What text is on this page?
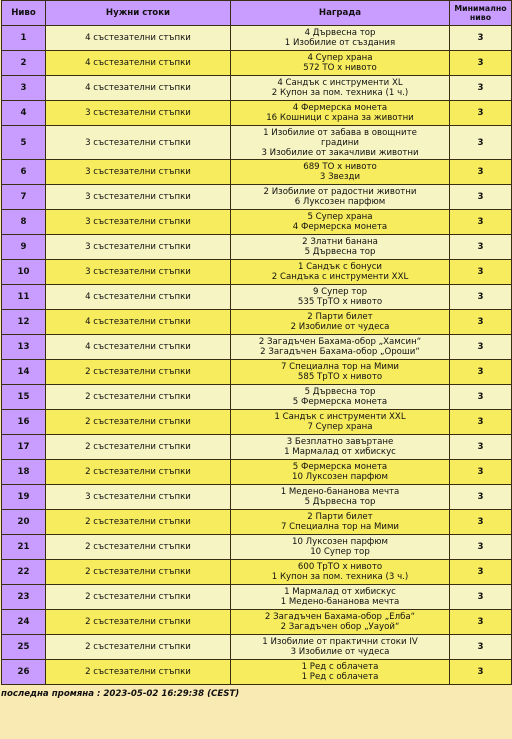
Ниво	Нужни стоки	Награда	Минимално ниво
1	4 състезателни стъпки	4 Дървесна тор
1 Изобилие от създания	3
2	4 състезателни стъпки	4 Супер храна
572 ТО х нивото	3
3	4 състезателни стъпки	4 Сандък с инструменти XL
2 Купон за пом. техника (1 ч.)	3
4	3 състезателни стъпки	4 Фермерска монета
16 Кошници с храна за животни	3
5	3 състезателни стъпки	1 Изобилие от забава в овощните
градини
3 Изобилие от закачливи животни	3
6	3 състезателни стъпки	689 ТО х нивото
3 Звезди	3
7	3 състезателни стъпки	2 Изобилие от радостни животни
6 Луксозен парфюм	3
8	3 състезателни стъпки	5 Супер храна
4 Фермерска монета	3
9	3 състезателни стъпки	2 Златни банана
5 Дървесна тор	3
10	3 състезателни стъпки	1 Сандък с бонуси
2 Сандъка с инструменти XXL	3
11	4 състезателни стъпки	9 Супер тор
535 ТрТО х нивото	3
12	4 състезателни стъпки	2 Парти билет
2 Изобилие от чудеса	3
13	4 състезателни стъпки	2 Загадъчен Бахама-обор „Хамсин“
2 Загадъчен Бахама-обор „Ороши“	3
14	2 състезателни стъпки	7 Специална тор на Мими
585 ТрТО х нивото	3
15	2 състезателни стъпки	5 Дървесна тор
5 Фермерска монета	3
16	2 състезателни стъпки	1 Сандък с инструменти XXL
7 Супер храна	3
17	2 състезателни стъпки	3 Безплатно завъртане
1 Мармалад от хибискус	3
18	2 състезателни стъпки	5 Фермерска монета
10 Луксозен парфюм	3
19	3 състезателни стъпки	1 Медено-бананова мечта
5 Дървесна тор	3
20	2 състезателни стъпки	2 Парти билет
7 Специална тор на Мими	3
21	2 състезателни стъпки	10 Луксозен парфюм
10 Супер тор	3
22	2 състезателни стъпки	600 ТрТО х нивото
1 Купон за пом. техника (3 ч.)	3
23	2 състезателни стъпки	1 Мармалад от хибискус
1 Медено-бананова мечта	3
24	2 състезателни стъпки	2 Загадъчен Бахама-обор „Елба“
2 Загадъчен обор „Уауой“	3
25	2 състезателни стъпки	1 Изобилие от практични стоки IV
3 Изобилие от чудеса	3
26	2 състезателни стъпки	1 Ред с облачета
1 Ред с облачета	3
последна промяна : 2023-05-02 16:29:38 (CEST)
